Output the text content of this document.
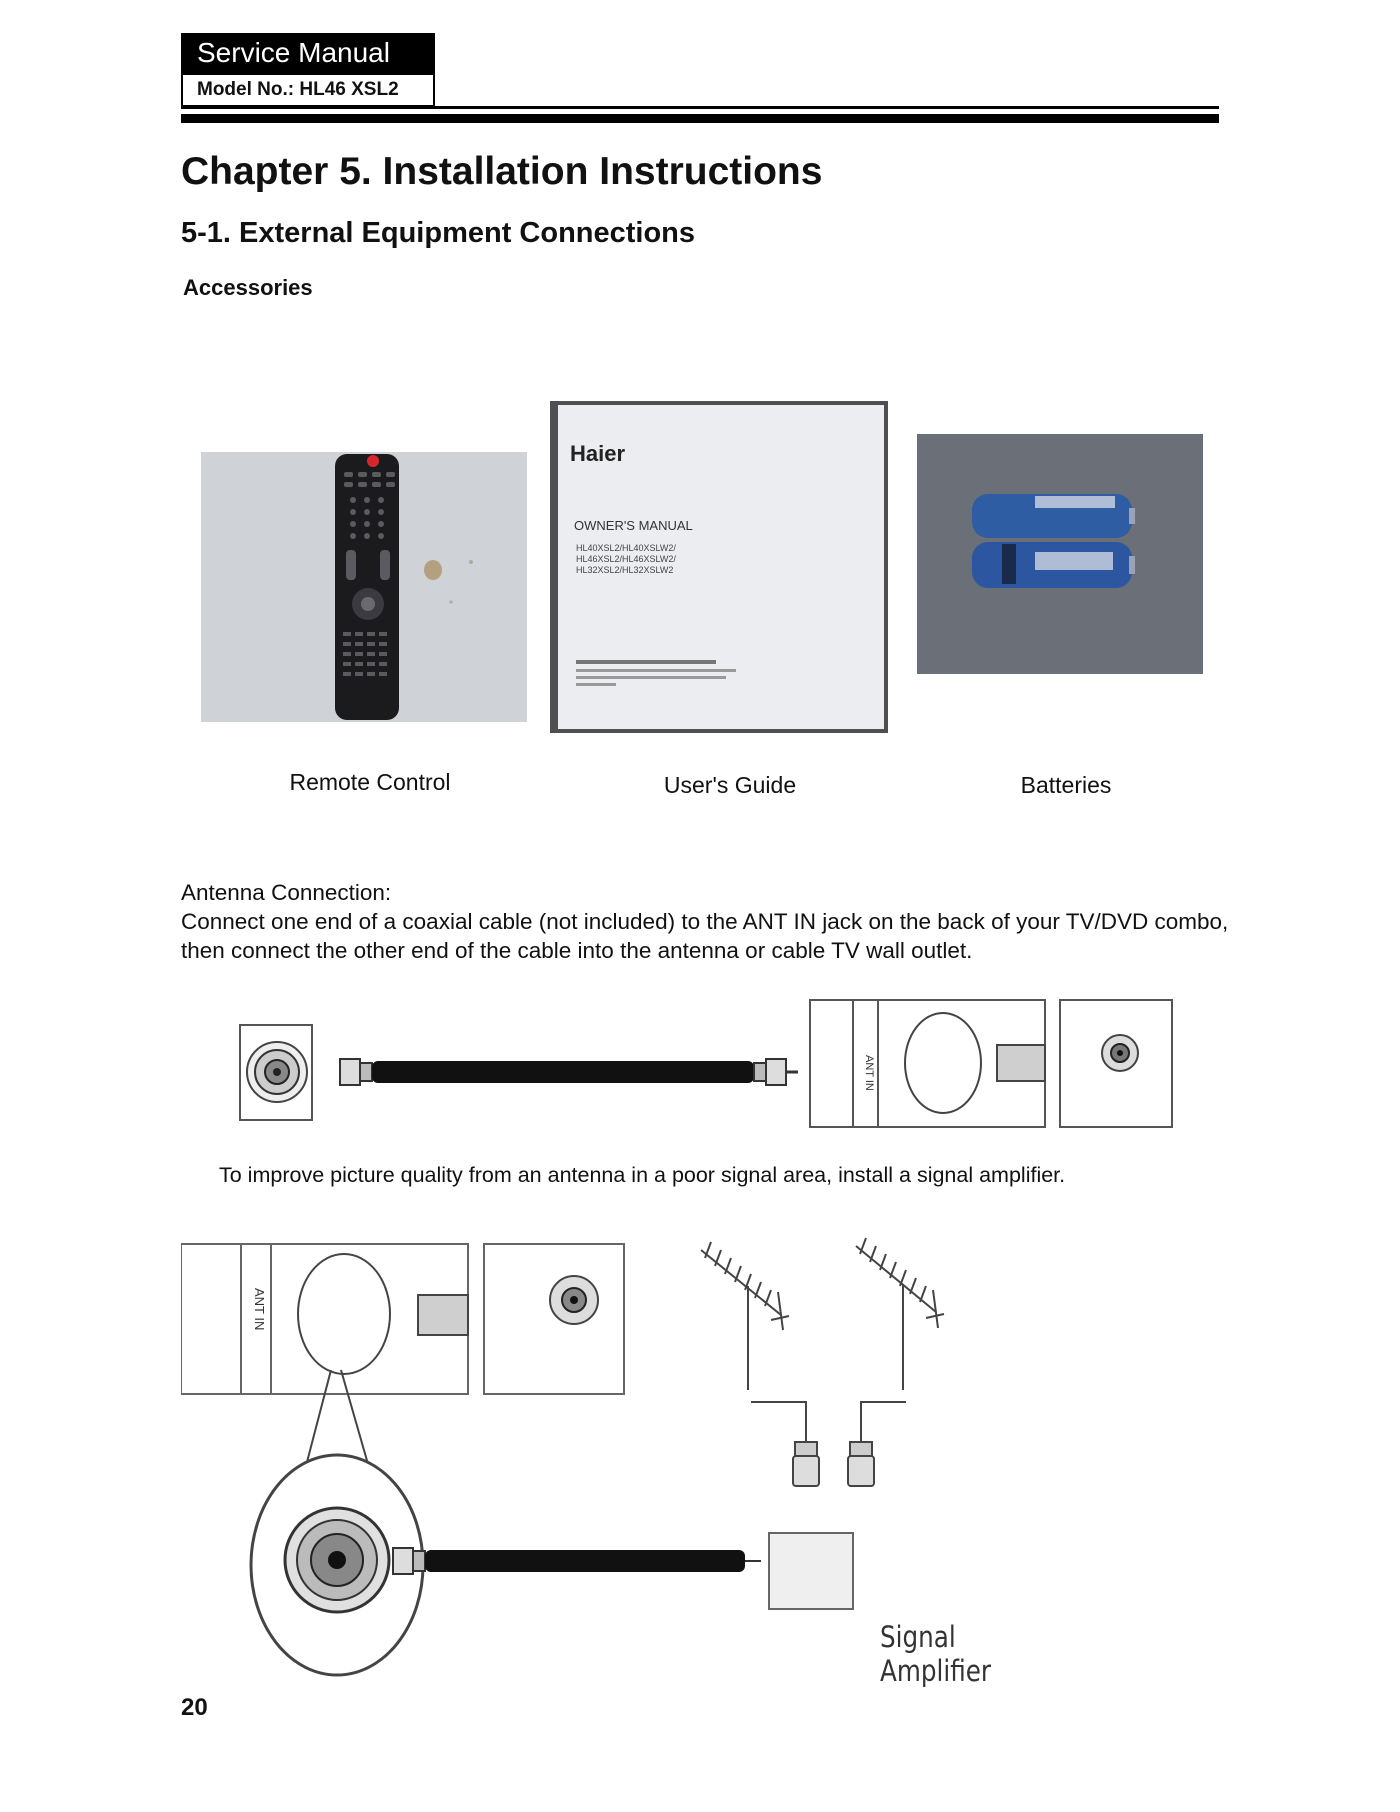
Service Manual
Model No.: HL46 XSL2
Chapter 5. Installation Instructions
5-1. External Equipment Connections
Accessories
Haier
OWNER'S MANUAL
HL40XSL2/HL40XSLW2/
HL46XSL2/HL46XSLW2/
HL32XSL2/HL32XSLW2
Remote Control	User's Guide	Batteries
Antenna Connection:
Connect one end of a coaxial cable (not included) to the ANT IN jack on the back of your TV/DVD combo, then connect the other end of the cable into the antenna or cable TV wall outlet.
ANT IN
To improve picture quality from an antenna in a poor signal area, install a signal amplifier.
ANT IN
Signal
Amplifier
20
